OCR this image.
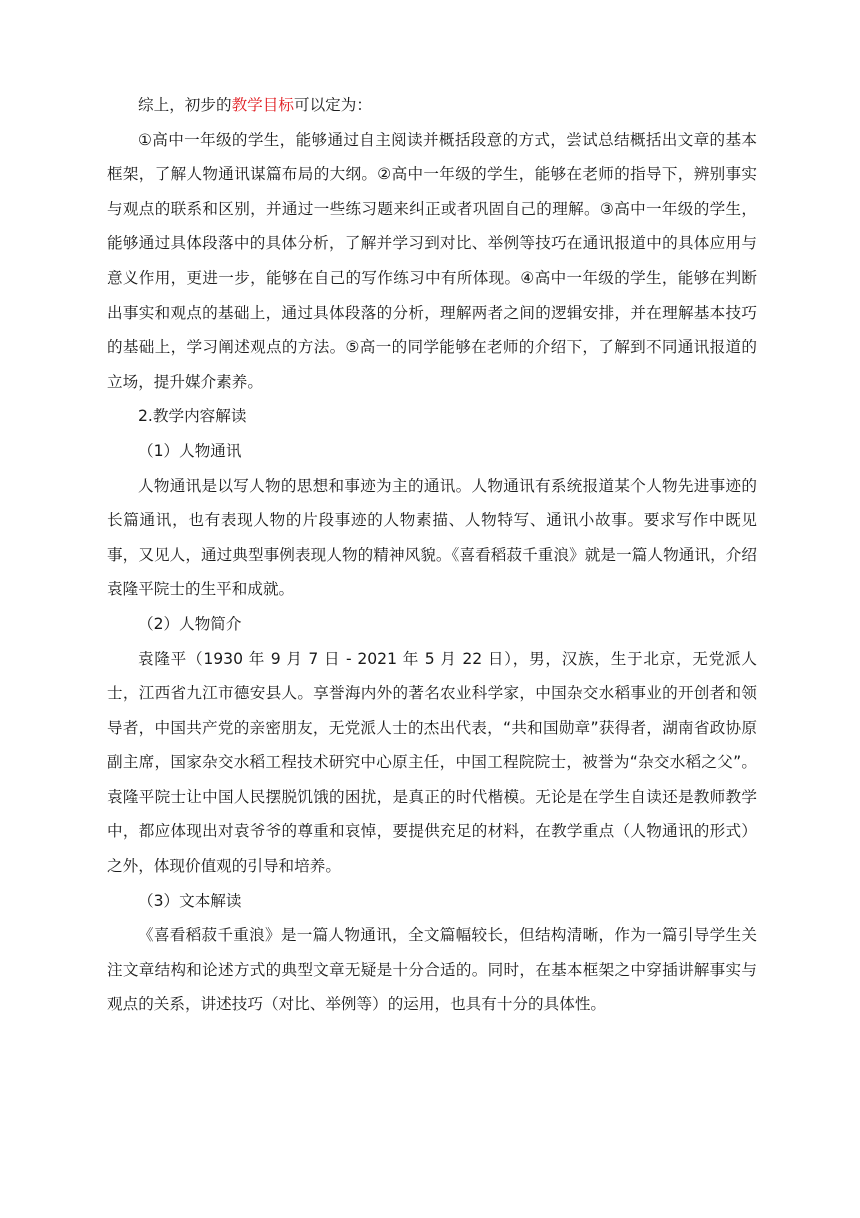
综上，初步的教学目标可以定为：

①高中一年级的学生，能够通过自主阅读并概括段意的方式，尝试总结概括出文章的基本框架，了解人物通讯谋篇布局的大纲。②高中一年级的学生，能够在老师的指导下，辨别事实与观点的联系和区别，并通过一些练习题来纠正或者巩固自己的理解。③高中一年级的学生，能够通过具体段落中的具体分析，了解并学习到对比、举例等技巧在通讯报道中的具体应用与意义作用，更进一步，能够在自己的写作练习中有所体现。④高中一年级的学生，能够在判断出事实和观点的基础上，通过具体段落的分析，理解两者之间的逻辑安排，并在理解基本技巧的基础上，学习阐述观点的方法。⑤高一的同学能够在老师的介绍下，了解到不同通讯报道的立场，提升媒介素养。

2.教学内容解读

（1）人物通讯

人物通讯是以写人物的思想和事迹为主的通讯。人物通讯有系统报道某个人物先进事迹的长篇通讯，也有表现人物的片段事迹的人物素描、人物特写、通讯小故事。要求写作中既见事，又见人，通过典型事例表现人物的精神风貌。《喜看稻菽千重浪》就是一篇人物通讯，介绍袁隆平院士的生平和成就。

（2）人物简介

袁隆平（1930 年 9 月 7 日 - 2021 年 5 月 22 日），男，汉族，生于北京，无党派人士，江西省九江市德安县人。享誉海内外的著名农业科学家，中国杂交水稻事业的开创者和领导者，中国共产党的亲密朋友，无党派人士的杰出代表，“共和国勋章”获得者，湖南省政协原副主席，国家杂交水稻工程技术研究中心原主任，中国工程院院士，被誉为“杂交水稻之父”。袁隆平院士让中国人民摆脱饥饿的困扰，是真正的时代楷模。无论是在学生自读还是教师教学中，都应体现出对袁爷爷的尊重和哀悼，要提供充足的材料，在教学重点（人物通讯的形式）之外，体现价值观的引导和培养。

（3）文本解读

《喜看稻菽千重浪》是一篇人物通讯，全文篇幅较长，但结构清晰，作为一篇引导学生关注文章结构和论述方式的典型文章无疑是十分合适的。同时，在基本框架之中穿插讲解事实与观点的关系，讲述技巧（对比、举例等）的运用，也具有十分的具体性。
